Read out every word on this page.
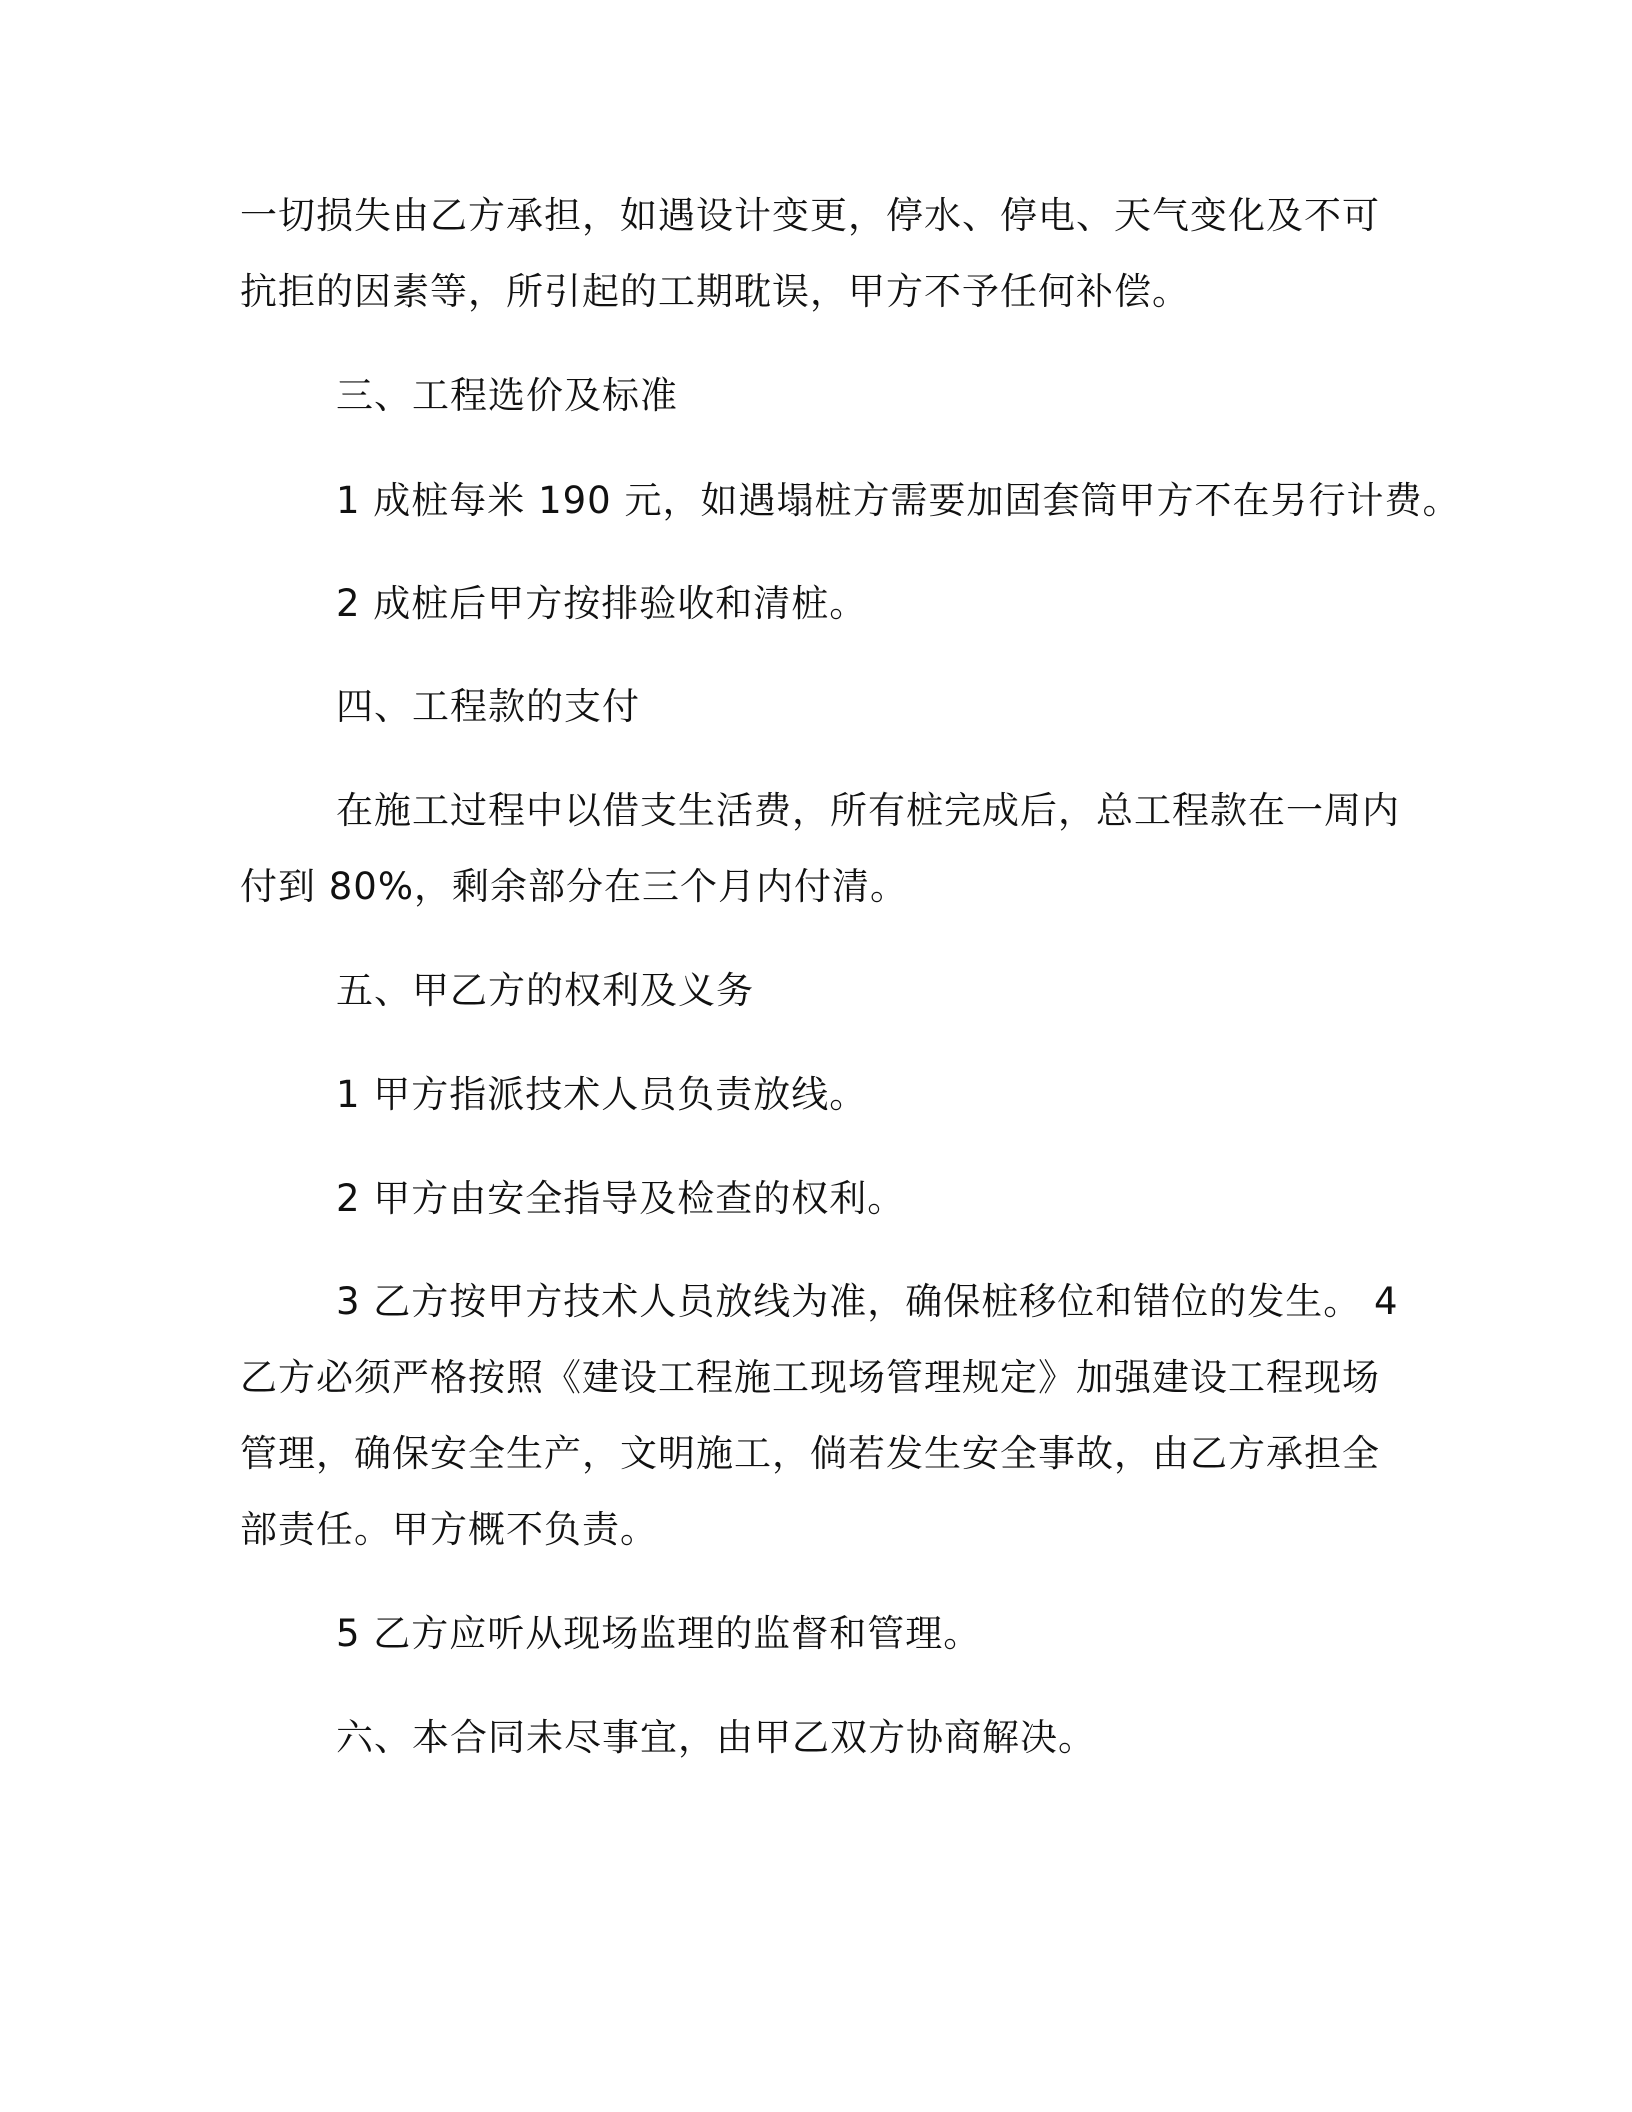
一切损失由乙方承担，如遇设计变更，停水、停电、天气变化及不可
抗拒的因素等，所引起的工期耽误，甲方不予任何补偿。
三、工程选价及标准
1 成桩每米 190 元，如遇塌桩方需要加固套筒甲方不在另行计费。
2 成桩后甲方按排验收和清桩。
四、工程款的支付
在施工过程中以借支生活费，所有桩完成后，总工程款在一周内
付到 80%，剩余部分在三个月内付清。
五、甲乙方的权利及义务
1 甲方指派技术人员负责放线。
2 甲方由安全指导及检查的权利。
3 乙方按甲方技术人员放线为准，确保桩移位和错位的发生。 4
乙方必须严格按照《建设工程施工现场管理规定》加强建设工程现场
管理，确保安全生产，文明施工，倘若发生安全事故，由乙方承担全
部责任。甲方概不负责。
5 乙方应听从现场监理的监督和管理。
六、本合同未尽事宜，由甲乙双方协商解决。
